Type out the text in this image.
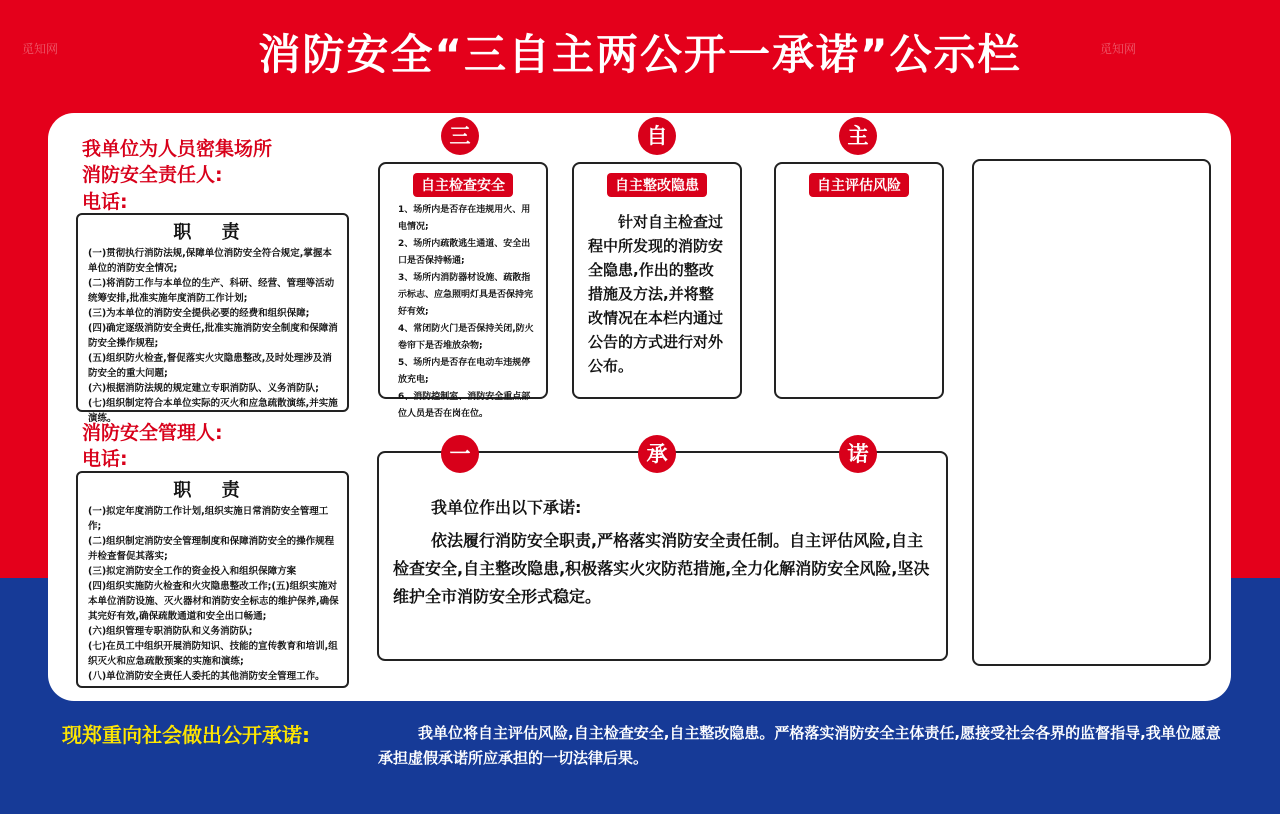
觅知网	觅知网
消防安全“三自主两公开一承诺”公示栏
我单位为人员密集场所
消防安全责任人:
电话:
职 责
(一)贯彻执行消防法规,保障单位消防安全符合规定,掌握本单位的消防安全情况;
(二)将消防工作与本单位的生产、科研、经营、管理等活动统筹安排,批准实施年度消防工作计划;
(三)为本单位的消防安全提供必要的经费和组织保障;
(四)确定逐级消防安全责任,批准实施消防安全制度和保障消防安全操作规程;
(五)组织防火检查,督促落实火灾隐患整改,及时处理涉及消防安全的重大问题;
(六)根据消防法规的规定建立专职消防队、义务消防队;
(七)组织制定符合本单位实际的灭火和应急疏散演练,并实施演练。
消防安全管理人:
电话:
职 责
(一)拟定年度消防工作计划,组织实施日常消防安全管理工作;
(二)组织制定消防安全管理制度和保障消防安全的操作规程并检查督促其落实;
(三)拟定消防安全工作的资金投入和组织保障方案
(四)组织实施防火检查和火灾隐患整改工作;(五)组织实施对本单位消防设施、灭火器材和消防安全标志的维护保养,确保其完好有效,确保疏散通道和安全出口畅通;
(六)组织管理专职消防队和义务消防队;
(七)在员工中组织开展消防知识、技能的宣传教育和培训,组织灭火和应急疏散预案的实施和演练;
(八)单位消防安全责任人委托的其他消防安全管理工作。
三	自	主
自主检查安全
1、场所内是否存在违规用火、用电情况;
2、场所内疏散逃生通道、安全出口是否保持畅通;
3、场所内消防器材设施、疏散指示标志、应急照明灯具是否保持完好有效;
4、常闭防火门是否保持关闭,防火卷帘下是否堆放杂物;
5、场所内是否存在电动车违规停放充电;
6、消防控制室、消防安全重点部位人员是否在岗在位。
自主整改隐患
针对自主检查过程中所发现的消防安全隐患,作出的整改措施及方法,并将整改情况在本栏内通过公告的方式进行对外公布。
自主评估风险
我单位作出以下承诺:
依法履行消防安全职责,严格落实消防安全责任制。自主评估风险,自主检查安全,自主整改隐患,积极落实火灾防范措施,全力化解消防安全风险,坚决维护全市消防安全形式稳定。
一	承	诺
现郑重向社会做出公开承诺:	我单位将自主评估风险,自主检查安全,自主整改隐患。严格落实消防安全主体责任,愿接受社会各界的监督指导,我单位愿意承担虚假承诺所应承担的一切法律后果。
